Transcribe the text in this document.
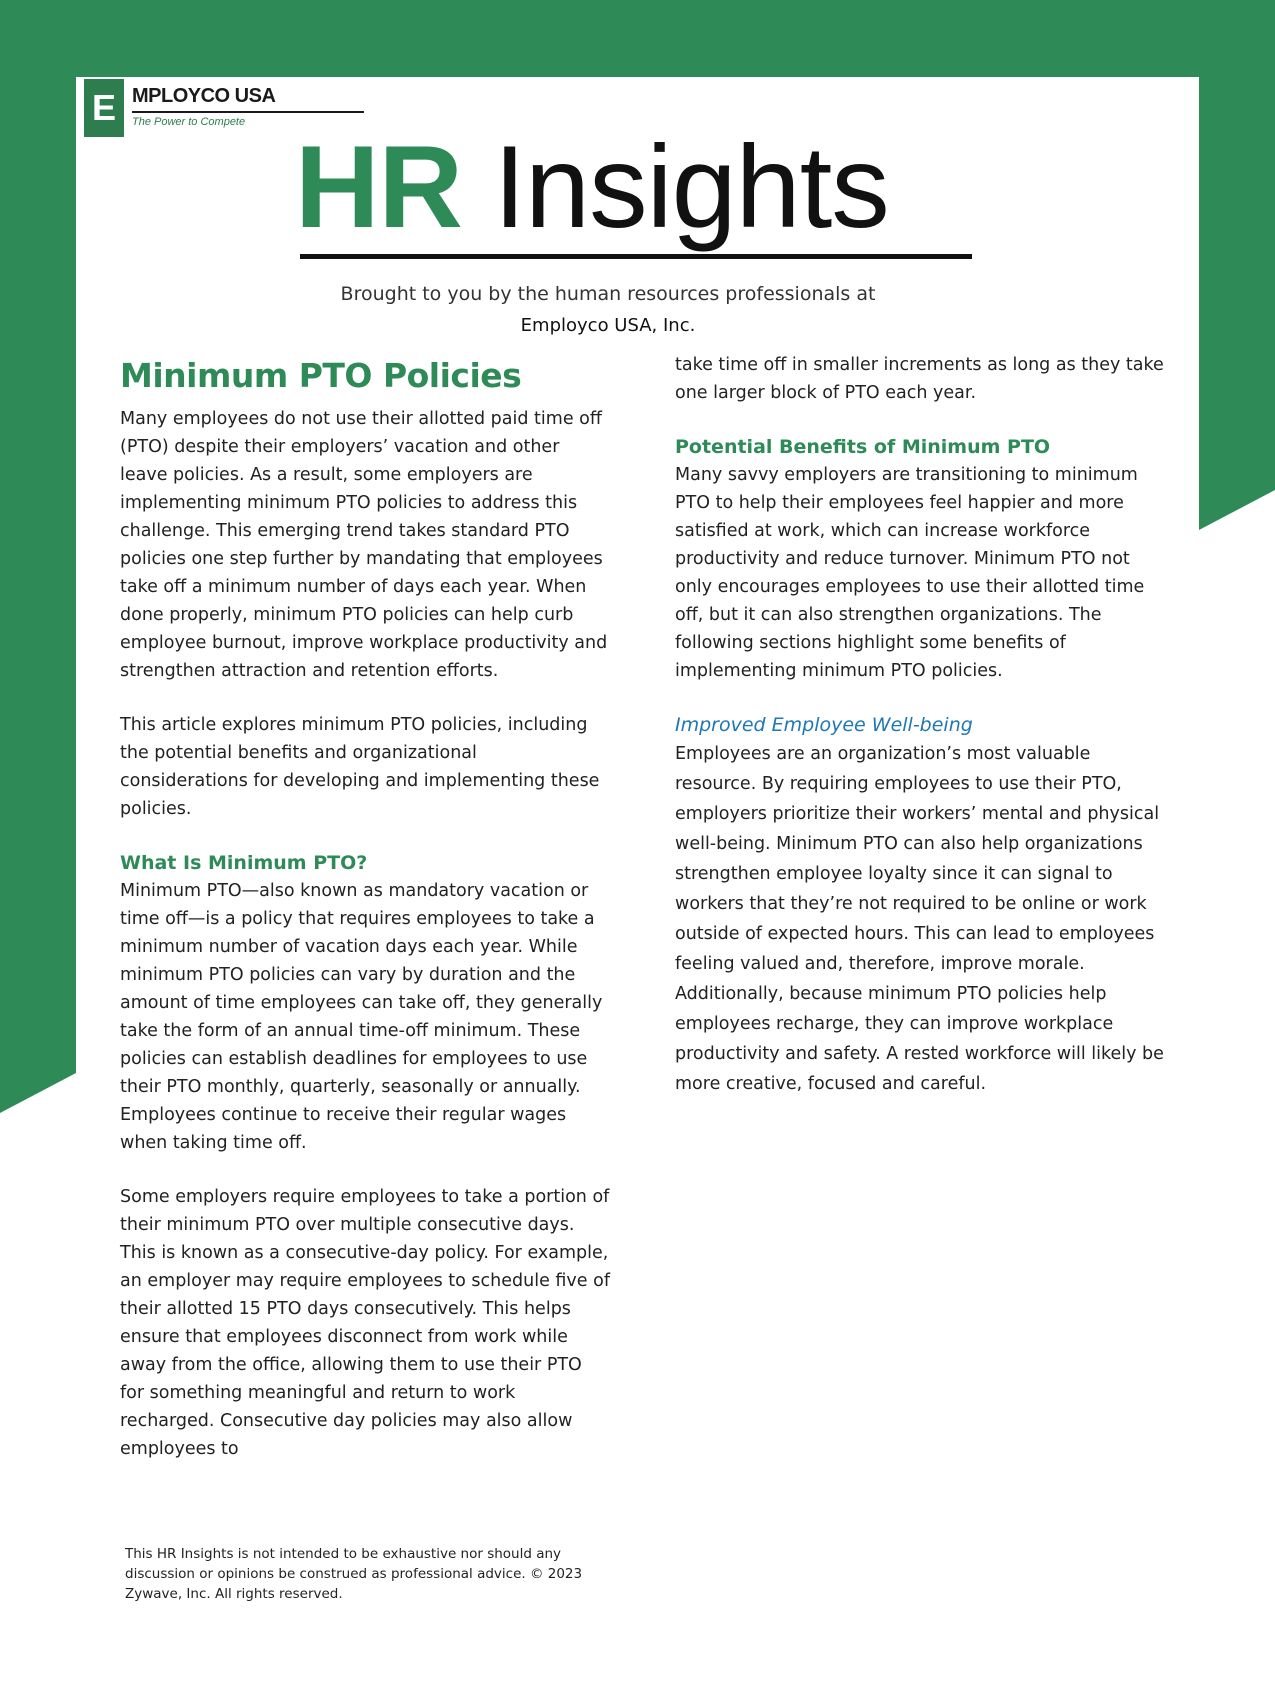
E MPLOYCO USA
The Power to Compete HR Insights
Brought to you by the human resources professionals at
Employco USA, Inc.
Minimum PTO Policies

Many employees do not use their allotted paid time off (PTO) despite their employers’ vacation and other leave policies. As a result, some employers are implementing minimum PTO policies to address this challenge. This emerging trend takes standard PTO policies one step further by mandating that employees take off a minimum number of days each year. When done properly, minimum PTO policies can help curb employee burnout, improve workplace productivity and strengthen attraction and retention efforts.

This article explores minimum PTO policies, including the potential benefits and organizational considerations for developing and implementing these policies.

What Is Minimum PTO?

Minimum PTO—also known as mandatory vacation or time off—is a policy that requires employees to take a minimum number of vacation days each year. While minimum PTO policies can vary by duration and the amount of time employees can take off, they generally take the form of an annual time-off minimum. These policies can establish deadlines for employees to use their PTO monthly, quarterly, seasonally or annually. Employees continue to receive their regular wages when taking time off.

Some employers require employees to take a portion of their minimum PTO over multiple consecutive days. This is known as a consecutive-day policy. For example, an employer may require employees to schedule five of their allotted 15 PTO days consecutively. This helps ensure that employees disconnect from work while away from the office, allowing them to use their PTO for something meaningful and return to work recharged. Consecutive day policies may also allow employees to

take time off in smaller increments as long as they take one larger block of PTO each year.

Potential Benefits of Minimum PTO

Many savvy employers are transitioning to minimum PTO to help their employees feel happier and more satisfied at work, which can increase workforce productivity and reduce turnover. Minimum PTO not only encourages employees to use their allotted time off, but it can also strengthen organizations. The following sections highlight some benefits of implementing minimum PTO policies.

Improved Employee Well-being

Employees are an organization’s most valuable resource. By requiring employees to use their PTO, employers prioritize their workers’ mental and physical well-being. Minimum PTO can also help organizations strengthen employee loyalty since it can signal to workers that they’re not required to be online or work outside of expected hours. This can lead to employees feeling valued and, therefore, improve morale. Additionally, because minimum PTO policies help employees recharge, they can improve workplace productivity and safety. A rested workforce will likely be more creative, focused and careful.

This HR Insights is not intended to be exhaustive nor should any discussion or opinions be construed as professional advice. © 2023 Zywave, Inc. All rights reserved.
